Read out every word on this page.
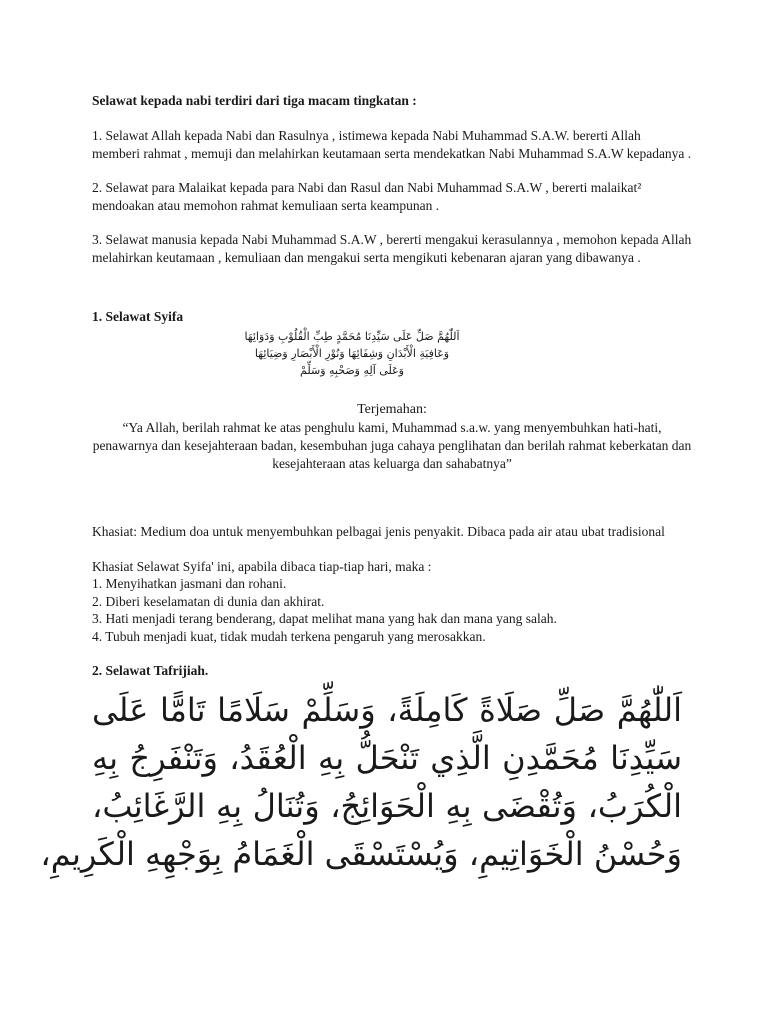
Selawat kepada nabi terdiri dari tiga macam tingkatan :

1. Selawat Allah kepada Nabi dan Rasulnya , istimewa kepada Nabi Muhammad S.A.W. bererti Allah memberi rahmat , memuji dan melahirkan keutamaan serta mendekatkan Nabi Muhammad S.A.W kepadanya .

2. Selawat para Malaikat kepada para Nabi dan Rasul dan Nabi Muhammad S.A.W , bererti malaikat² mendoakan atau memohon rahmat kemuliaan serta keampunan .

3. Selawat manusia kepada Nabi Muhammad S.A.W , bererti mengakui kerasulannya , memohon kepada Allah melahirkan keutamaan , kemuliaan dan mengakui serta mengikuti kebenaran ajaran yang dibawanya .

1. Selawat Syifa

اَللّٰهُمَّ صَلِّ عَلَى سَيِّدِنَا مُحَمَّدٍ طِبِّ الْقُلُوْبِ وَدَوَائِهَا

وَعَافِيَةِ الْأَبْدَانِ وَشِفَائِهَا وَنُوْرِ الْأَبْصَارِ وَضِيَائِهَا

وَعَلَى آلِهِ وَصَحْبِهِ وَسَلِّمْ

Terjemahan:

“Ya Allah, berilah rahmat ke atas penghulu kami, Muhammad s.a.w. yang menyembuhkan hati-hati, penawarnya dan kesejahteraan badan, kesembuhan juga cahaya penglihatan dan berilah rahmat keberkatan dan kesejahteraan atas keluarga dan sahabatnya”

Khasiat: Medium doa untuk menyembuhkan pelbagai jenis penyakit. Dibaca pada air atau ubat tradisional

Khasiat Selawat Syifa' ini, apabila dibaca tiap-tiap hari, maka :

1. Menyihatkan jasmani dan rohani.

2. Diberi keselamatan di dunia dan akhirat.

3. Hati menjadi terang benderang, dapat melihat mana yang hak dan mana yang salah.

4. Tubuh menjadi kuat, tidak mudah terkena pengaruh yang merosakkan.

2. Selawat Tafrijiah.

اَللّٰهُمَّ صَلِّ صَلَاةً كَامِلَةً، وَسَلِّمْ سَلَامًا تَامًّا عَلَى
سَيِّدِنَا مُحَمَّدِنِ الَّذِي تَنْحَلُّ بِهِ الْعُقَدُ، وَتَنْفَرِجُ بِهِ
الْكُرَبُ، وَتُقْضَى بِهِ الْحَوَائِجُ، وَتُنَالُ بِهِ الرَّغَائِبُ،
وَحُسْنُ الْخَوَاتِيمِ، وَيُسْتَسْقَى الْغَمَامُ بِوَجْهِهِ الْكَرِيمِ،
